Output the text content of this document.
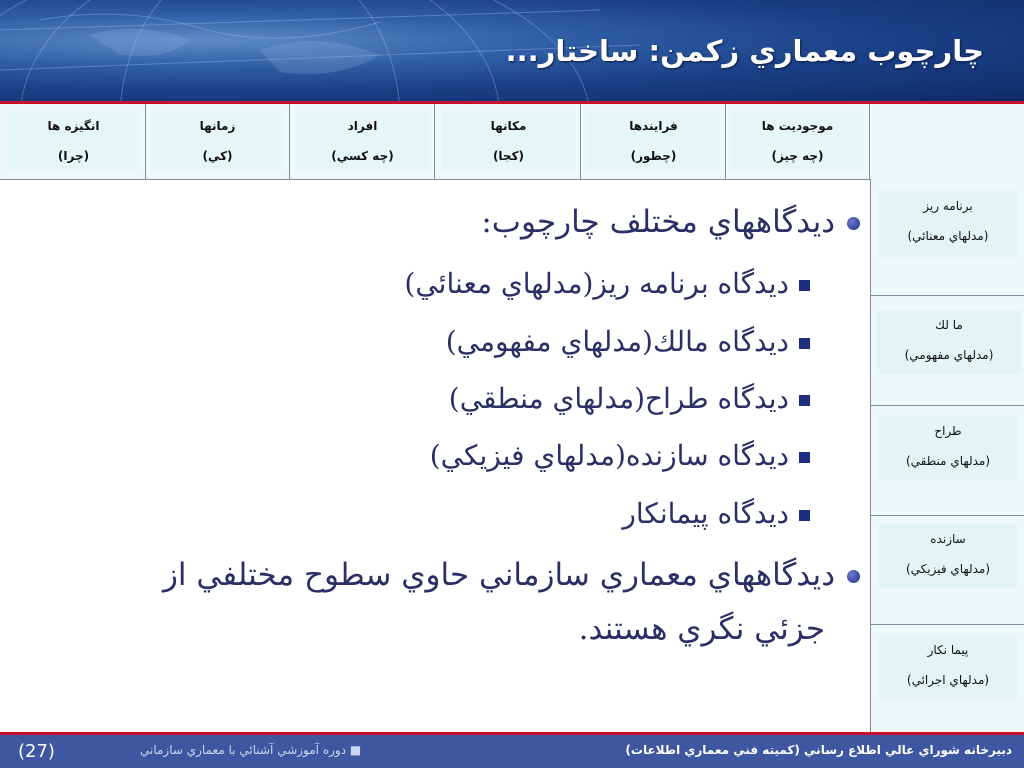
چارچوب معماري زكمن: ساختار...
موجوديت ها
(چه چيز)
فرايندها
(چطور)
مكانها
(كجا)
افراد
(چه كسي)
زمانها
(كي)
انگيزه ها
(چرا)
برنامه ريز
(مدلهاي معنائي)
ما لك
(مدلهاي مفهومي)
طراح
(مدلهاي منطقي)
سازنده
(مدلهاي فيزيكي)
پيما نكار
(مدلهاي اجرائي)
ديدگاههاي مختلف چارچوب:
ديدگاه برنامه ريز(مدلهاي معنائي)
ديدگاه مالك(مدلهاي مفهومي)
ديدگاه طراح(مدلهاي منطقي)
ديدگاه سازنده(مدلهاي فيزيكي)
ديدگاه پيمانكار
ديدگاههاي معماري سازماني حاوي سطوح مختلفي از
جزئي نگري هستند.
(27)	■ دوره آموزشي آشنائي با معماري سازماني	دبيرخانه شوراي عالي اطلاع رساني (كميته فني معماري اطلاعات)
